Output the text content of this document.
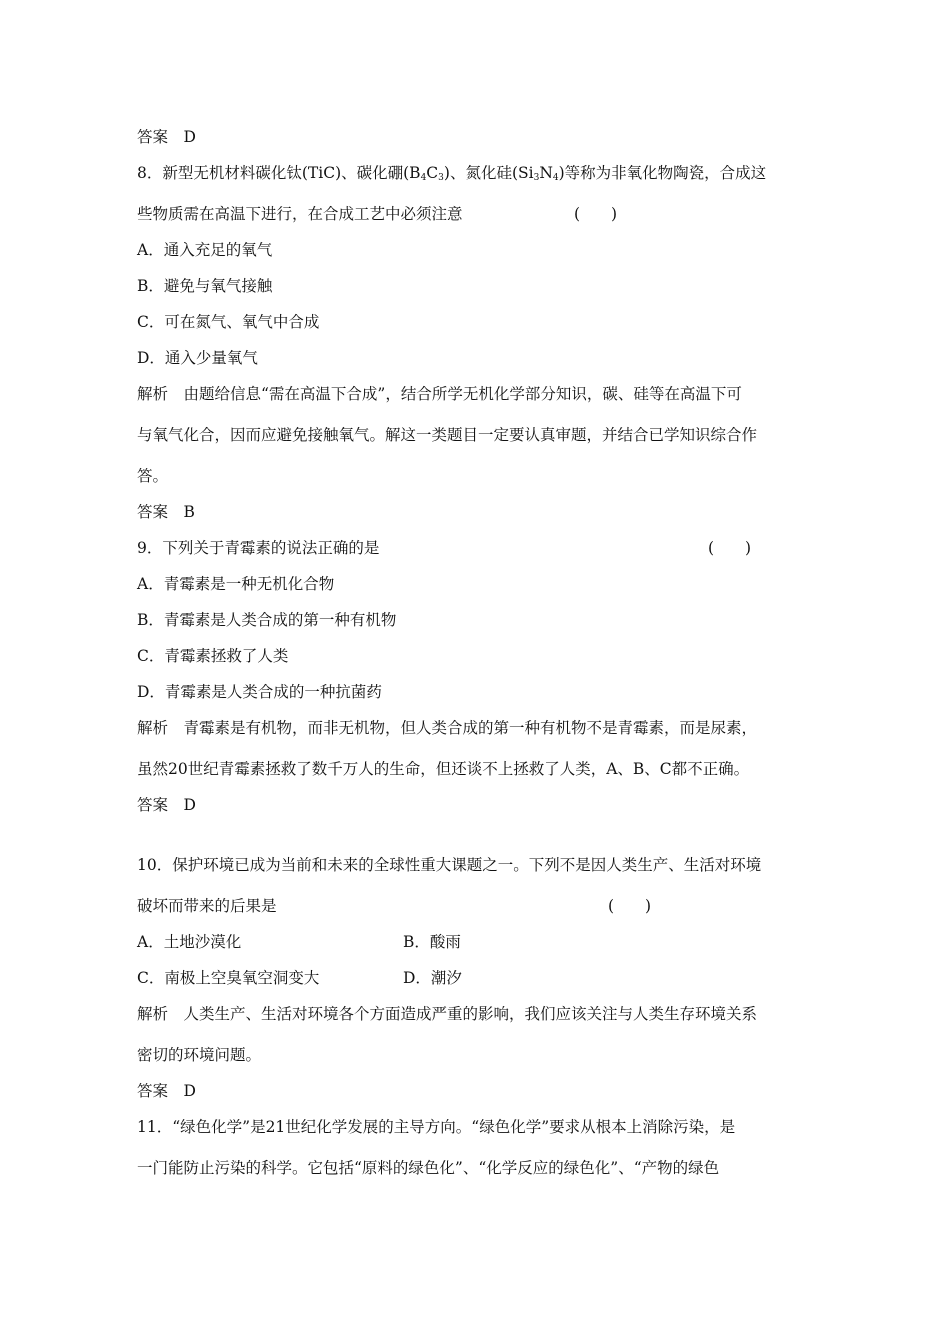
答案　D
8．新型无机材料碳化钛(TiC)、碳化硼$(B_4C_3)$、氮化硅$(Si_3N_4)$等称为非氧化物陶瓷，合成这
些物质需在高温下进行，在合成工艺中必须注意	(　　)
A．通入充足的氧气
B．避免与氧气接触
C．可在氮气、氧气中合成
D．通入少量氧气
解析　由题给信息“需在高温下合成”，结合所学无机化学部分知识，碳、硅等在高温下可
与氧气化合，因而应避免接触氧气。解这一类题目一定要认真审题，并结合已学知识综合作
答。
答案　B
9．下列关于青霉素的说法正确的是	(　　)
A．青霉素是一种无机化合物
B．青霉素是人类合成的第一种有机物
C．青霉素拯救了人类
D．青霉素是人类合成的一种抗菌药
解析　青霉素是有机物，而非无机物，但人类合成的第一种有机物不是青霉素，而是尿素，
虽然20世纪青霉素拯救了数千万人的生命，但还谈不上拯救了人类，A、B、C都不正确。
答案　D
10．保护环境已成为当前和未来的全球性重大课题之一。下列不是因人类生产、生活对环境
破坏而带来的后果是	(　　)
A．土地沙漠化	B．酸雨
C．南极上空臭氧空洞变大	D．潮汐
解析　人类生产、生活对环境各个方面造成严重的影响，我们应该关注与人类生存环境关系
密切的环境问题。
答案　D
11．“绿色化学”是21世纪化学发展的主导方向。“绿色化学”要求从根本上消除污染，是
一门能防止污染的科学。它包括“原料的绿色化”、“化学反应的绿色化”、“产物的绿色
